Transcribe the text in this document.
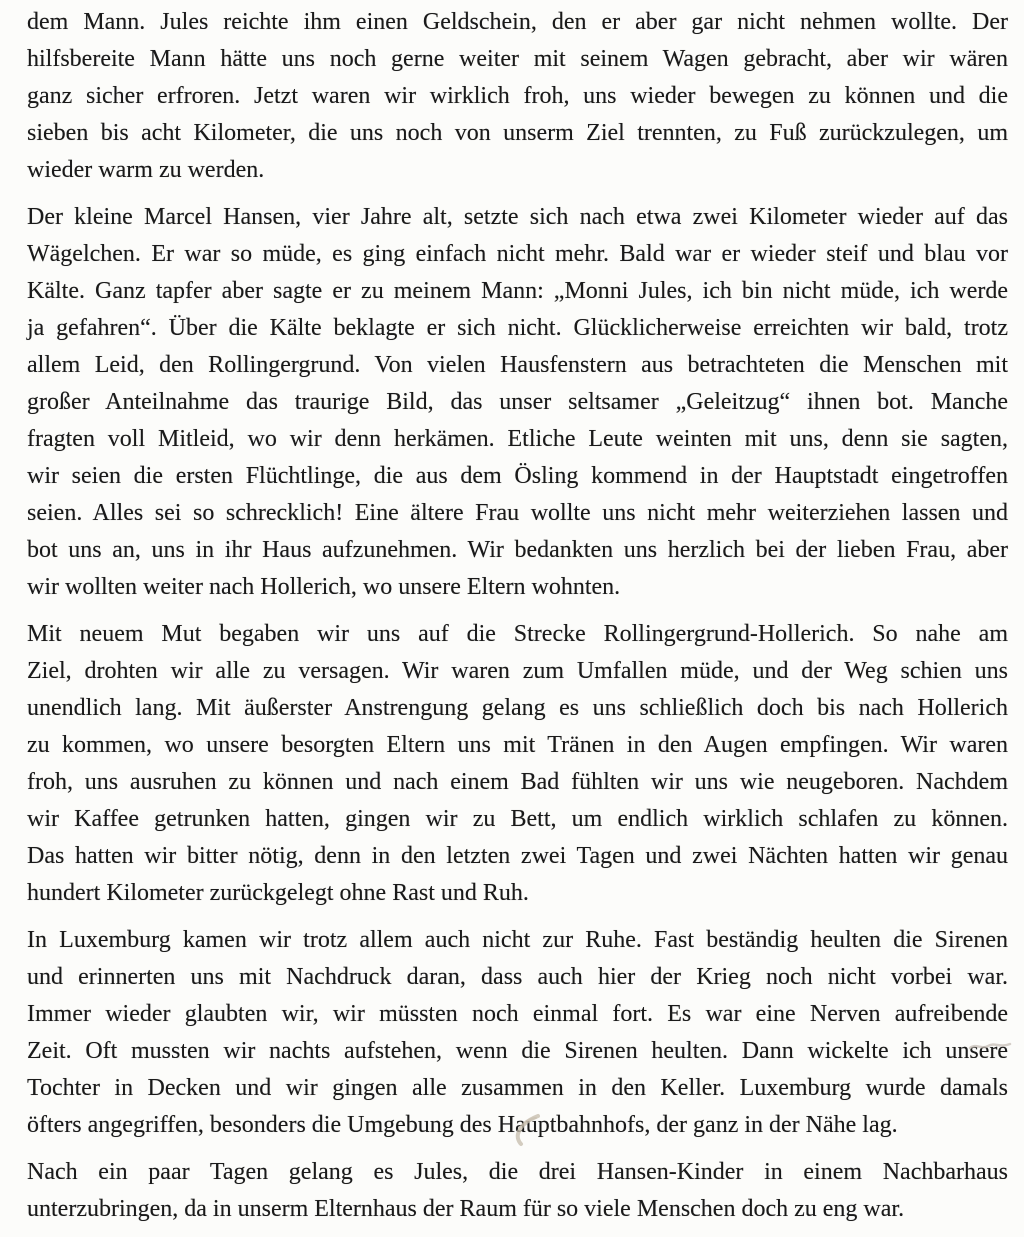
dem Mann. Jules reichte ihm einen Geldschein, den er aber gar nicht nehmen wollte. Der
hilfsbereite Mann hätte uns noch gerne weiter mit seinem Wagen gebracht, aber wir wären
ganz sicher erfroren. Jetzt waren wir wirklich froh, uns wieder bewegen zu können und die
sieben bis acht Kilometer, die uns noch von unserm Ziel trennten, zu Fuß zurückzulegen, um
wieder warm zu werden.
Der kleine Marcel Hansen, vier Jahre alt, setzte sich nach etwa zwei Kilometer wieder auf das
Wägelchen. Er war so müde, es ging einfach nicht mehr. Bald war er wieder steif und blau vor
Kälte. Ganz tapfer aber sagte er zu meinem Mann: „Monni Jules, ich bin nicht müde, ich werde
ja gefahren“. Über die Kälte beklagte er sich nicht. Glücklicherweise erreichten wir bald, trotz
allem Leid, den Rollingergrund. Von vielen Hausfenstern aus betrachteten die Menschen mit
großer Anteilnahme das traurige Bild, das unser seltsamer „Geleitzug“ ihnen bot. Manche
fragten voll Mitleid, wo wir denn herkämen. Etliche Leute weinten mit uns, denn sie sagten,
wir seien die ersten Flüchtlinge, die aus dem Ösling kommend in der Hauptstadt eingetroffen
seien. Alles sei so schrecklich! Eine ältere Frau wollte uns nicht mehr weiterziehen lassen und
bot uns an, uns in ihr Haus aufzunehmen. Wir bedankten uns herzlich bei der lieben Frau, aber
wir wollten weiter nach Hollerich, wo unsere Eltern wohnten.
Mit neuem Mut begaben wir uns auf die Strecke Rollingergrund-Hollerich. So nahe am
Ziel, drohten wir alle zu versagen. Wir waren zum Umfallen müde, und der Weg schien uns
unendlich lang. Mit äußerster Anstrengung gelang es uns schließlich doch bis nach Hollerich
zu kommen, wo unsere besorgten Eltern uns mit Tränen in den Augen empfingen. Wir waren
froh, uns ausruhen zu können und nach einem Bad fühlten wir uns wie neugeboren. Nachdem
wir Kaffee getrunken hatten, gingen wir zu Bett, um endlich wirklich schlafen zu können.
Das hatten wir bitter nötig, denn in den letzten zwei Tagen und zwei Nächten hatten wir genau
hundert Kilometer zurückgelegt ohne Rast und Ruh.
In Luxemburg kamen wir trotz allem auch nicht zur Ruhe. Fast beständig heulten die Sirenen
und erinnerten uns mit Nachdruck daran, dass auch hier der Krieg noch nicht vorbei war.
Immer wieder glaubten wir, wir müssten noch einmal fort. Es war eine Nerven aufreibende
Zeit. Oft mussten wir nachts aufstehen, wenn die Sirenen heulten. Dann wickelte ich unsere
Tochter in Decken und wir gingen alle zusammen in den Keller. Luxemburg wurde damals
öfters angegriffen, besonders die Umgebung des Hauptbahnhofs, der ganz in der Nähe lag.
Nach ein paar Tagen gelang es Jules, die drei Hansen-Kinder in einem Nachbarhaus
unterzubringen, da in unserm Elternhaus der Raum für so viele Menschen doch zu eng war.
